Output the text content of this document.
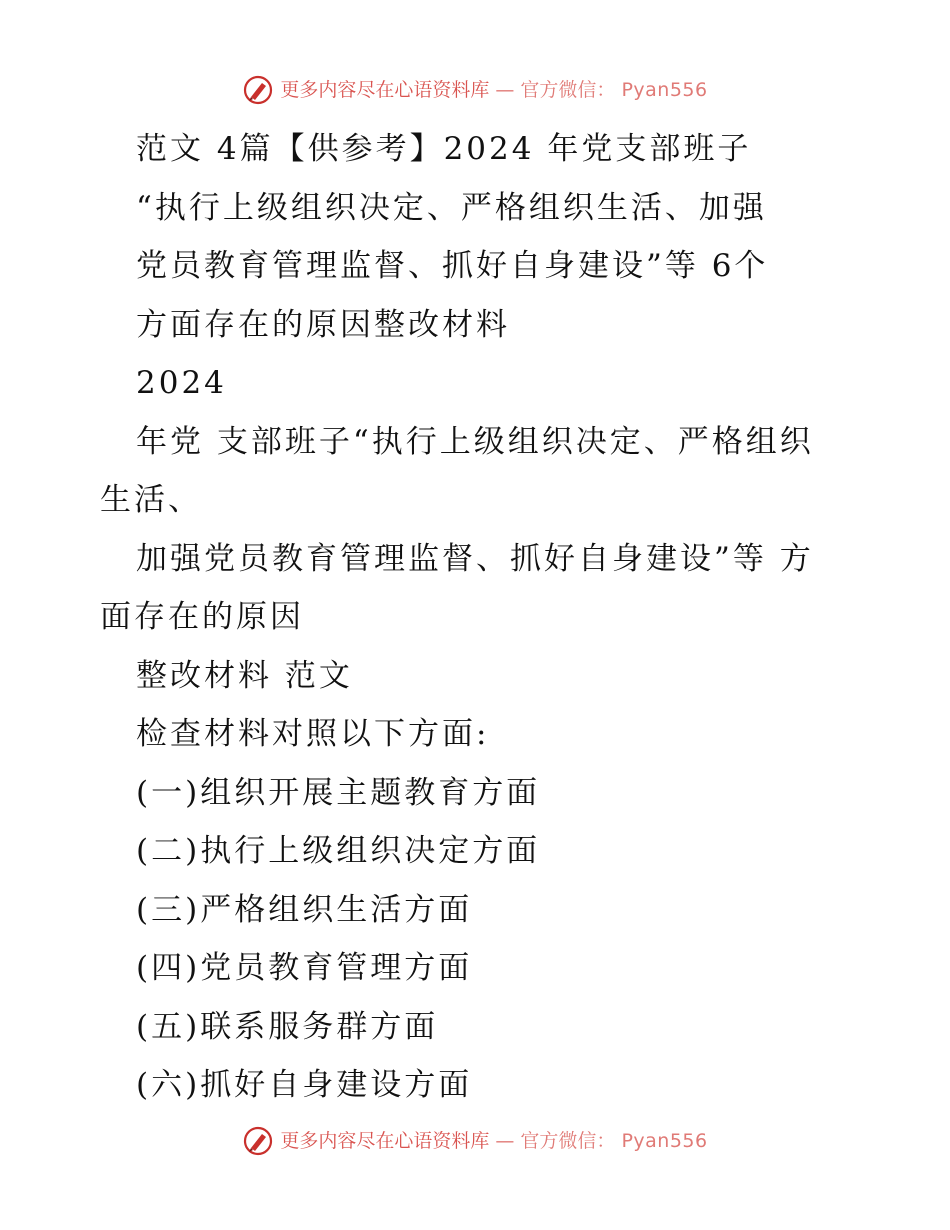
更多内容尽在心语资料库 — 官方微信： Pyan556
范文 4篇【供参考】2024 年党支部班子
“执行上级组织决定、严格组织生活、加强
党员教育管理监督、抓好自身建设”等 6个
方面存在的原因整改材料
2024
年党 支部班子“执行上级组织决定、严格组织
生活、
加强党员教育管理监督、抓好自身建设”等 方
面存在的原因
整改材料 范文
检查材料对照以下方面:
(一)组织开展主题教育方面
(二)执行上级组织决定方面
(三)严格组织生活方面
(四)党员教育管理方面
(五)联系服务群方面
(六)抓好自身建设方面
更多内容尽在心语资料库 — 官方微信： Pyan556
